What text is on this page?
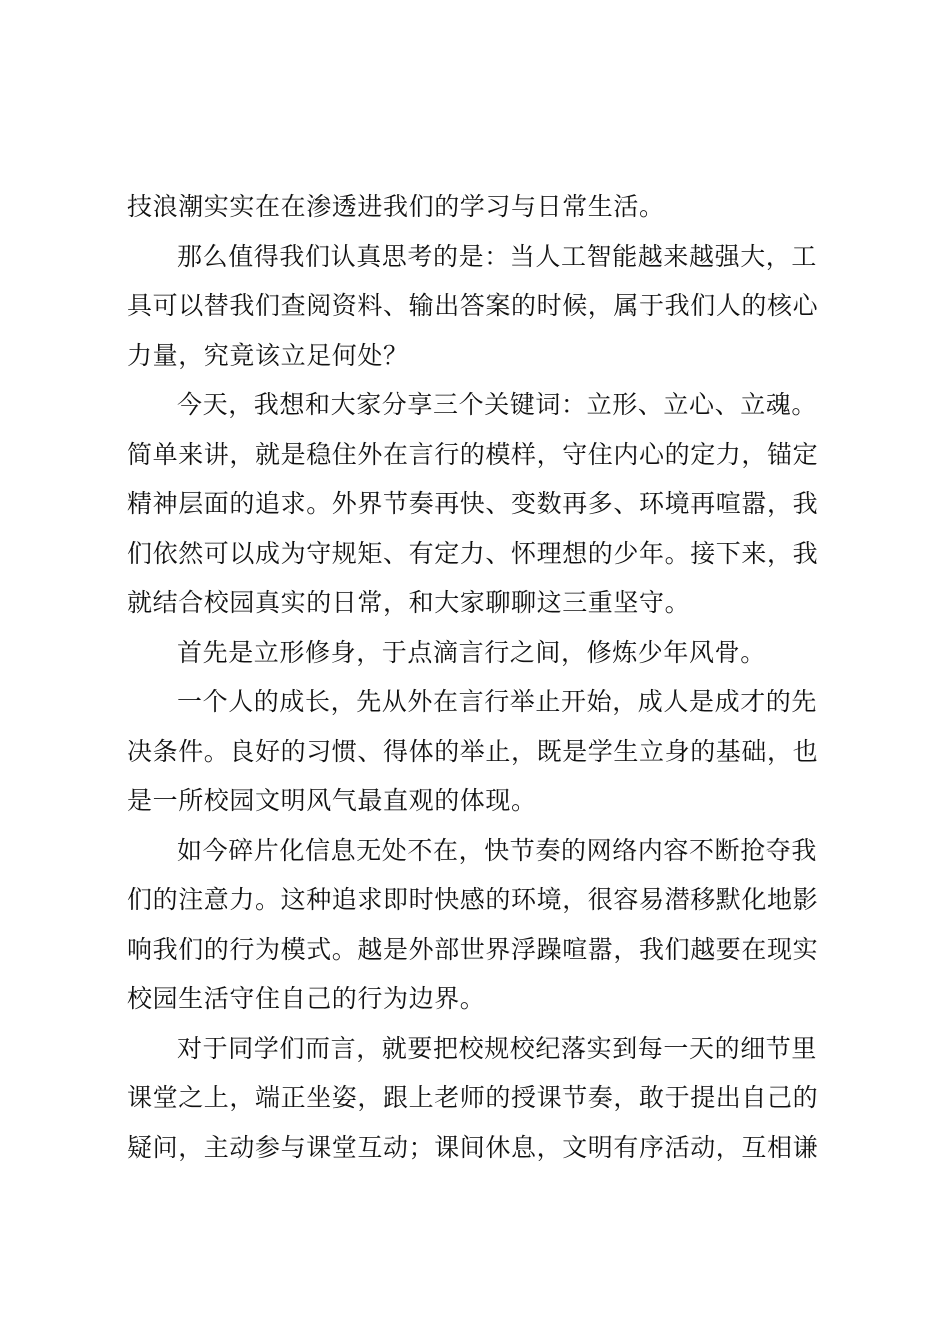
技浪潮实实在在渗透进我们的学习与日常生活。
那么值得我们认真思考的是：当人工智能越来越强大，工
具可以替我们查阅资料、输出答案的时候，属于我们人的核心
力量，究竟该立足何处？
今天，我想和大家分享三个关键词：立形、立心、立魂。
简单来讲，就是稳住外在言行的模样，守住内心的定力，锚定
精神层面的追求。外界节奏再快、变数再多、环境再喧嚣，我
们依然可以成为守规矩、有定力、怀理想的少年。接下来，我
就结合校园真实的日常，和大家聊聊这三重坚守。
首先是立形修身，于点滴言行之间，修炼少年风骨。
一个人的成长，先从外在言行举止开始，成人是成才的先
决条件。良好的习惯、得体的举止，既是学生立身的基础，也
是一所校园文明风气最直观的体现。
如今碎片化信息无处不在，快节奏的网络内容不断抢夺我
们的注意力。这种追求即时快感的环境，很容易潜移默化地影
响我们的行为模式。越是外部世界浮躁喧嚣，我们越要在现实
校园生活守住自己的行为边界。
对于同学们而言，就要把校规校纪落实到每一天的细节里
课堂之上，端正坐姿，跟上老师的授课节奏，敢于提出自己的
疑问，主动参与课堂互动；课间休息，文明有序活动，互相谦
